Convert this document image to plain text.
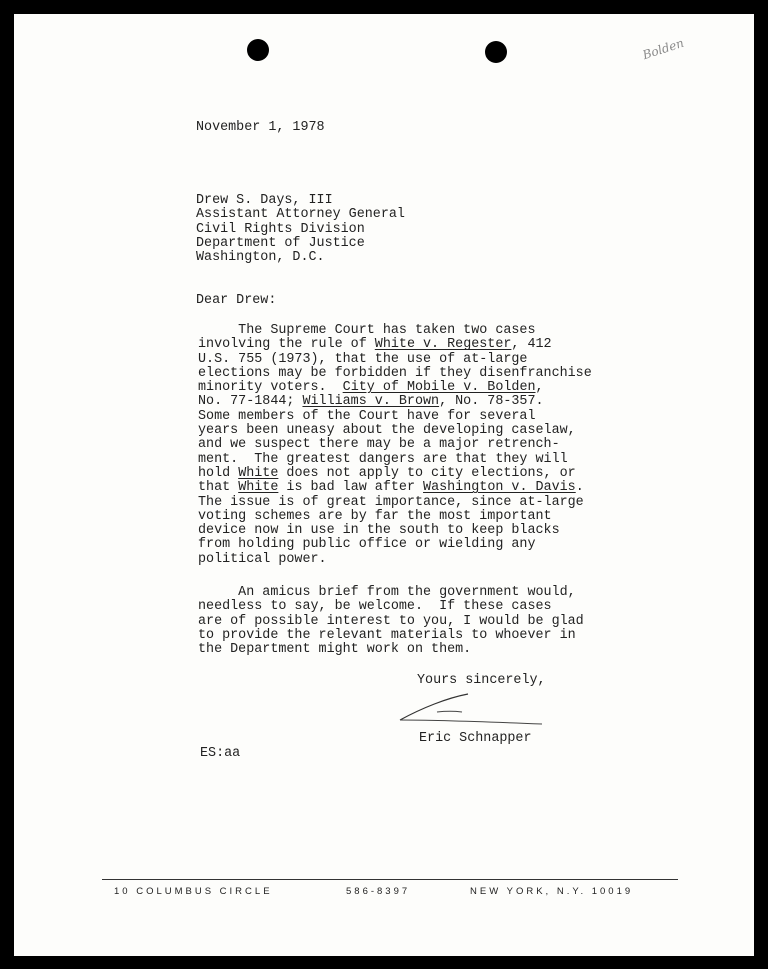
Bolden
November 1, 1978
Drew S. Days, III
Assistant Attorney General
Civil Rights Division
Department of Justice
Washington, D.C.
Dear Drew:
The Supreme Court has taken two cases
involving the rule of White v. Regester, 412
U.S. 755 (1973), that the use of at-large
elections may be forbidden if they disenfranchise
minority voters.  City of Mobile v. Bolden,
No. 77-1844; Williams v. Brown, No. 78-357.
Some members of the Court have for several
years been uneasy about the developing caselaw,
and we suspect there may be a major retrench-
ment.  The greatest dangers are that they will
hold White does not apply to city elections, or
that White is bad law after Washington v. Davis.
The issue is of great importance, since at-large
voting schemes are by far the most important
device now in use in the south to keep blacks
from holding public office or wielding any
political power.
An amicus brief from the government would,
needless to say, be welcome.  If these cases
are of possible interest to you, I would be glad
to provide the relevant materials to whoever in
the Department might work on them.
Yours sincerely,
Eric Schnapper
ES:aa
10 COLUMBUS CIRCLE	586-8397	NEW YORK, N.Y. 10019
